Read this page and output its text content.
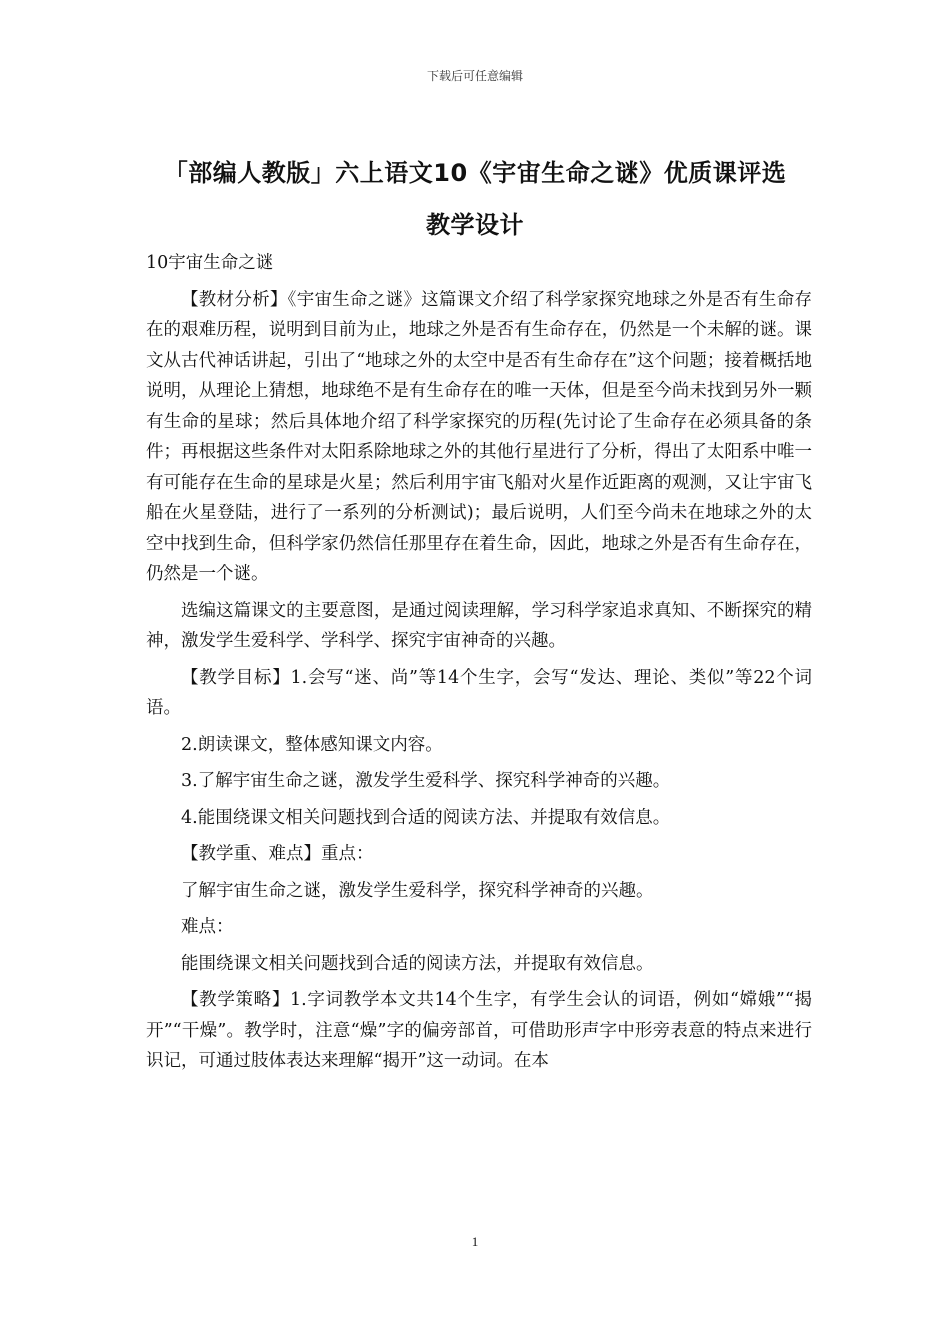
下载后可任意编辑
「部编人教版」六上语文10《宇宙生命之谜》优质课评选
教学设计

10宇宙生命之谜

【教材分析】《宇宙生命之谜》这篇课文介绍了科学家探究地球之外是否有生命存在的艰难历程，说明到目前为止，地球之外是否有生命存在，仍然是一个未解的谜。课文从古代神话讲起，引出了“地球之外的太空中是否有生命存在”这个问题；接着概括地说明，从理论上猜想，地球绝不是有生命存在的唯一天体，但是至今尚未找到另外一颗有生命的星球；然后具体地介绍了科学家探究的历程(先讨论了生命存在必须具备的条件；再根据这些条件对太阳系除地球之外的其他行星进行了分析，得出了太阳系中唯一有可能存在生命的星球是火星；然后利用宇宙飞船对火星作近距离的观测，又让宇宙飞船在火星登陆，进行了一系列的分析测试)；最后说明，人们至今尚未在地球之外的太空中找到生命，但科学家仍然信任那里存在着生命，因此，地球之外是否有生命存在，仍然是一个谜。

选编这篇课文的主要意图，是通过阅读理解，学习科学家追求真知、不断探究的精神，激发学生爱科学、学科学、探究宇宙神奇的兴趣。

【教学目标】1.会写“迷、尚”等14个生字，会写“发达、理论、类似”等22个词语。

2.朗读课文，整体感知课文内容。

3.了解宇宙生命之谜，激发学生爱科学、探究科学神奇的兴趣。

4.能围绕课文相关问题找到合适的阅读方法、并提取有效信息。

【教学重、难点】重点：

了解宇宙生命之谜，激发学生爱科学，探究科学神奇的兴趣。

难点：

能围绕课文相关问题找到合适的阅读方法，并提取有效信息。

【教学策略】1.字词教学本文共14个生字，有学生会认的词语，例如“嫦娥”“揭开”“干燥”。教学时，注意“燥”字的偏旁部首，可借助形声字中形旁表意的特点来进行识记，可通过肢体表达来理解“揭开”这一动词。在本

1
